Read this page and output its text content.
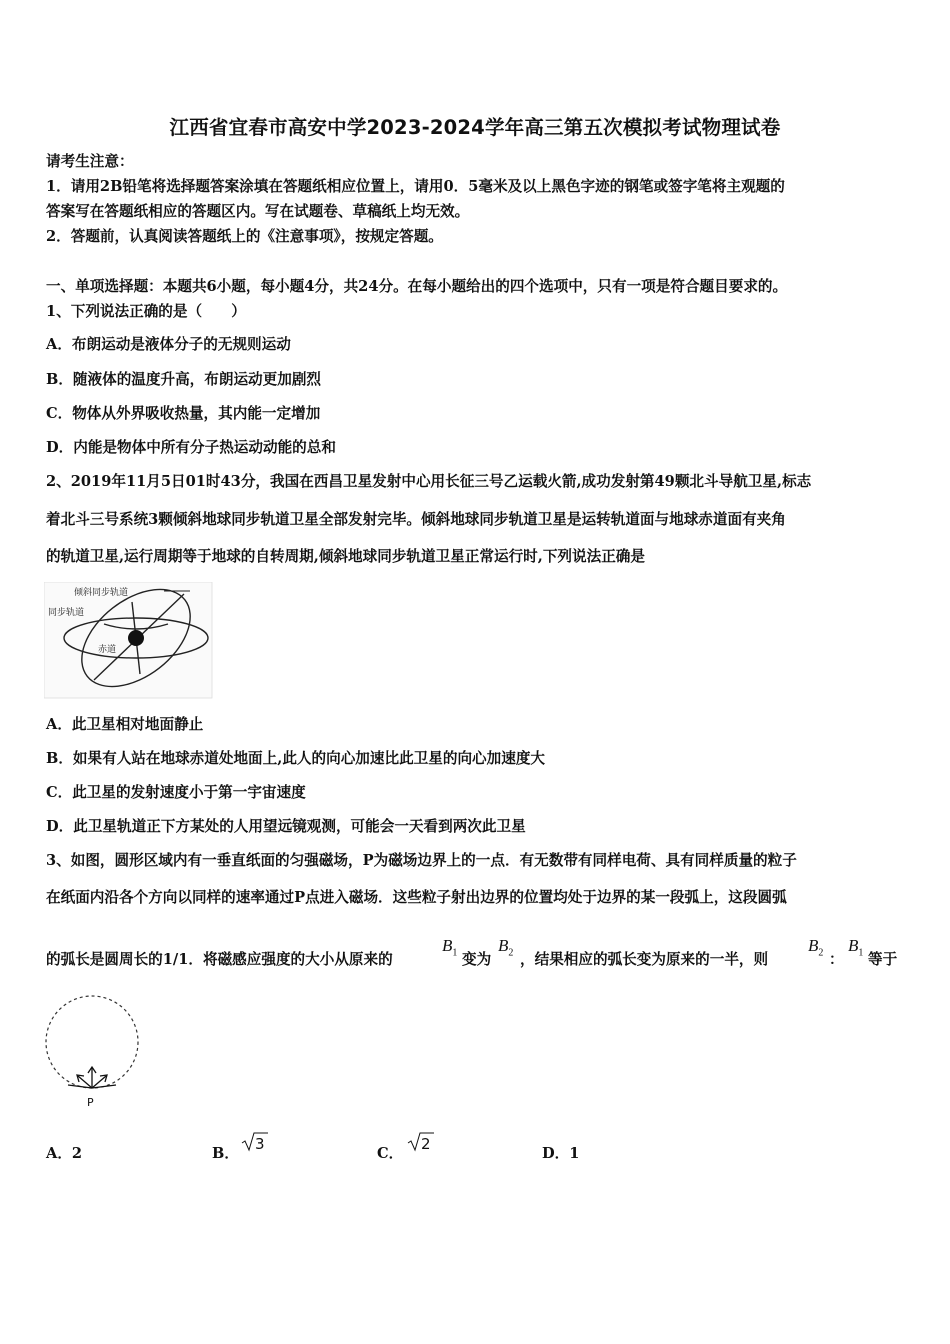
江西省宜春市高安中学2023-2024学年高三第五次模拟考试物理试卷
请考生注意：
1．请用2B铅笔将选择题答案涂填在答题纸相应位置上，请用0．5毫米及以上黑色字迹的钢笔或签字笔将主观题的
答案写在答题纸相应的答题区内。写在试题卷、草稿纸上均无效。
2．答题前，认真阅读答题纸上的《注意事项》，按规定答题。
一、单项选择题：本题共6小题，每小题4分，共24分。在每小题给出的四个选项中，只有一项是符合题目要求的。
1、下列说法正确的是（　　）
A．布朗运动是液体分子的无规则运动
B．随液体的温度升高，布朗运动更加剧烈
C．物体从外界吸收热量，其内能一定增加
D．内能是物体中所有分子热运动动能的总和
2、2019年11月5日01时43分，我国在西昌卫星发射中心用长征三号乙运载火箭,成功发射第49颗北斗导航卫星,标志
着北斗三号系统3颗倾斜地球同步轨道卫星全部发射完毕。倾斜地球同步轨道卫星是运转轨道面与地球赤道面有夹角
的轨道卫星,运行周期等于地球的自转周期,倾斜地球同步轨道卫星正常运行时,下列说法正确是
倾斜同步轨道
同步轨道
赤道
A．此卫星相对地面静止
B．如果有人站在地球赤道处地面上,此人的向心加速比此卫星的向心加速度大
C．此卫星的发射速度小于第一宇宙速度
D．此卫星轨道正下方某处的人用望远镜观测，可能会一天看到两次此卫星
3、如图，圆形区域内有一垂直纸面的匀强磁场，P为磁场边界上的一点．有无数带有同样电荷、具有同样质量的粒子
在纸面内沿各个方向以同样的速率通过P点进入磁场．这些粒子射出边界的位置均处于边界的某一段弧上，这段圆弧
的弧长是圆周长的1/1．将磁感应强度的大小从原来的
$B_1$ 变为
$B_2$ ，结果相应的弧长变为原来的一半，则
$B_2$ ：
$B_1$ 等于
P
A．2	B．
3
C．
2
D．1
